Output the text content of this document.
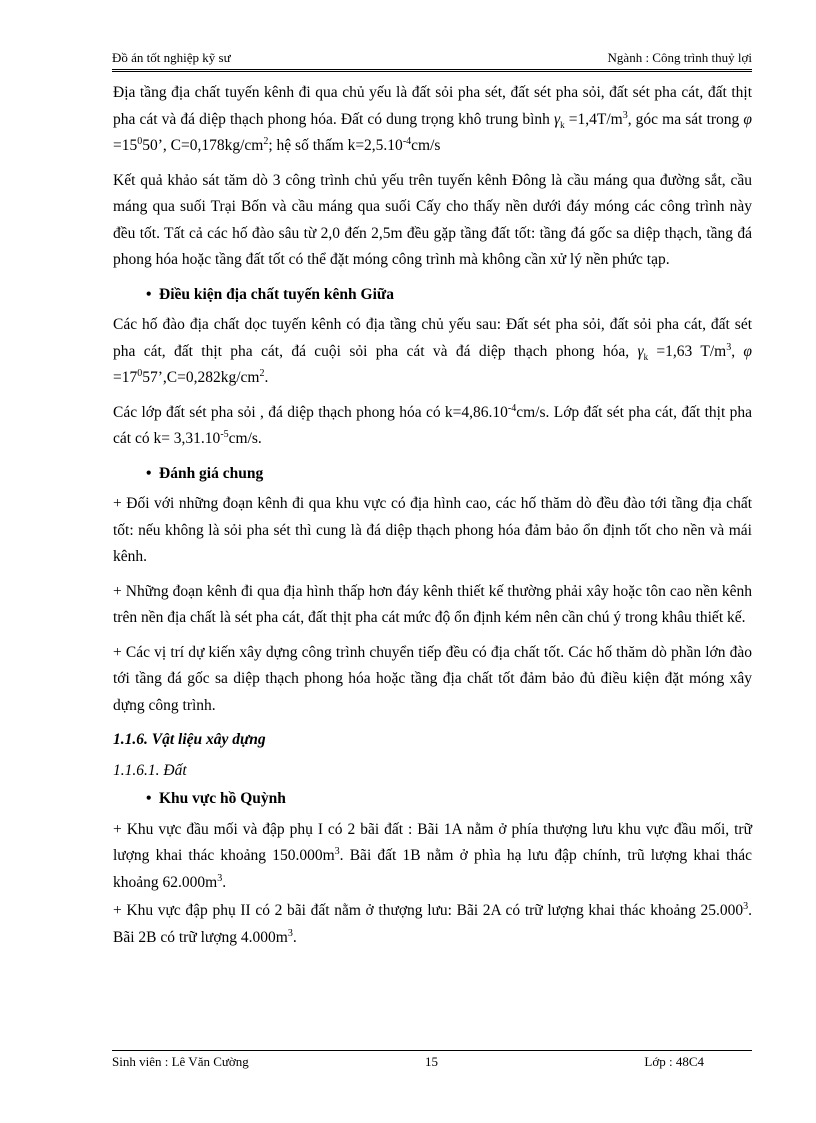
Đồ án tốt nghiệp kỹ sư	Ngành : Công trình thuỷ lợi

Địa tầng địa chất tuyến kênh đi qua chủ yếu là đất sỏi pha sét, đất sét pha sỏi, đất sét pha cát, đất thịt pha cát và đá diệp thạch phong hóa. Đất có dung trọng khô trung bình $\gamma_k =1,4T/m^3$, góc ma sát trong $\varphi =15^050$’, $C=0,178kg/cm^2$; hệ số thấm $k=2,5.10^{-4}cm/s$

Kết quả khảo sát tăm dò 3 công trình chủ yếu trên tuyến kênh Đông là cầu máng qua đường sắt, cầu máng qua suối Trại Bốn và cầu máng qua suối Cấy cho thấy nền dưới đáy móng các công trình này đều tốt. Tất cả các hố đào sâu từ 2,0 đến 2,5m đều gặp tầng đất tốt: tầng đá gốc sa diệp thạch, tầng đá phong hóa hoặc tầng đất tốt có thể đặt móng công trình mà không cần xử lý nền phức tạp.

• Điều kiện địa chất tuyến kênh Giữa

Các hố đào địa chất dọc tuyến kênh có địa tầng chủ yếu sau: Đất sét pha sỏi, đất sỏi pha cát, đất sét pha cát, đất thịt pha cát, đá cuội sỏi pha cát và đá diệp thạch phong hóa, $\gamma_k =1,63$ $T/m^3$, $\varphi =17^057’,C=0,282kg/cm^2$.

Các lớp đất sét pha sỏi , đá diệp thạch phong hóa có $k=4,86.10^{-4}cm/s$. Lớp đất sét pha cát, đất thịt pha cát có $k= 3,31.10^{-5}cm/s$.

• Đánh giá chung

+ Đối với những đoạn kênh đi qua khu vực có địa hình cao, các hố thăm dò đều đào tới tầng địa chất tốt: nếu không là sỏi pha sét thì cung là đá diệp thạch phong hóa đảm bảo ổn định tốt cho nền và mái kênh.

+ Những đoạn kênh đi qua địa hình thấp hơn đáy kênh thiết kế thường phải xây hoặc tôn cao nền kênh trên nền địa chất là sét pha cát, đất thịt pha cát mức độ ổn định kém nên cần chú ý trong khâu thiết kế.

+ Các vị trí dự kiến xây dựng công trình chuyển tiếp đều có địa chất tốt. Các hố thăm dò phần lớn đào tới tầng đá gốc sa diệp thạch phong hóa hoặc tầng địa chất tốt đảm bảo đủ điều kiện đặt móng xây dựng công trình.

1.1.6. Vật liệu xây dựng
1.1.6.1. Đất
• Khu vực hồ Quỳnh

+ Khu vực đầu mối và đập phụ I có 2 bãi đất : Bãi 1A nằm ở phía thượng lưu khu vực đầu mối, trữ lượng khai thác khoảng $150.000m^3$. Bãi đất 1B nằm ở phìa hạ lưu đập chính, trũ lượng khai thác khoảng $62.000m^3$.

+ Khu vực đập phụ II có 2 bãi đất nằm ở thượng lưu: Bãi 2A có trữ lượng khai thác khoảng 25.000$^3$. Bãi 2B có trữ lượng $4.000m^3$.

Sinh viên : Lê Văn Cường	15	Lớp : 48C4
